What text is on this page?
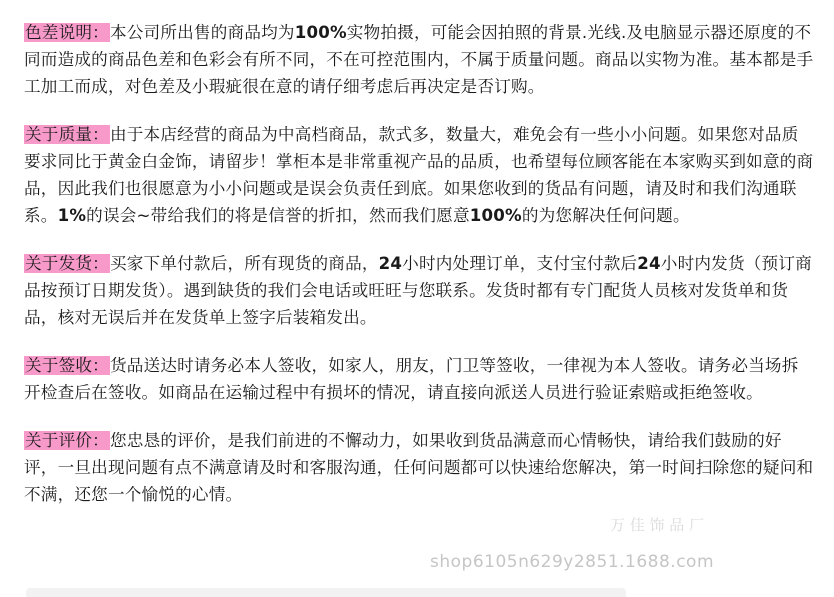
色差说明：本公司所出售的商品均为100%实物拍摄，可能会因拍照的背景.光线.及电脑显示器还原度的不同而造成的商品色差和色彩会有所不同，不在可控范围内，不属于质量问题。商品以实物为准。基本都是手工加工而成，对色差及小瑕疵很在意的请仔细考虑后再决定是否订购。

关于质量：由于本店经营的商品为中高档商品，款式多，数量大，难免会有一些小小问题。如果您对品质要求同比于黄金白金饰，请留步！掌柜本是非常重视产品的品质，也希望每位顾客能在本家购买到如意的商品，因此我们也很愿意为小小问题或是误会负责任到底。如果您收到的货品有问题，请及时和我们沟通联系。1%的误会~带给我们的将是信誉的折扣，然而我们愿意100%的为您解决任何问题。

关于发货：买家下单付款后，所有现货的商品，24小时内处理订单，支付宝付款后24小时内发货（预订商品按预订日期发货）。遇到缺货的我们会电话或旺旺与您联系。发货时都有专门配货人员核对发货单和货品，核对无误后并在发货单上签字后装箱发出。

关于签收：货品送达时请务必本人签收，如家人，朋友，门卫等签收，一律视为本人签收。请务必当场拆开检查后在签收。如商品在运输过程中有损坏的情况，请直接向派送人员进行验证索赔或拒绝签收。

关于评价：您忠恳的评价，是我们前进的不懈动力，如果收到货品满意而心情畅快，请给我们鼓励的好评，一旦出现问题有点不满意请及时和客服沟通，任何问题都可以快速给您解决，第一时间扫除您的疑问和不满，还您一个愉悦的心情。

万 佳 饰 品 厂
shop6105n629y2851.1688.com
